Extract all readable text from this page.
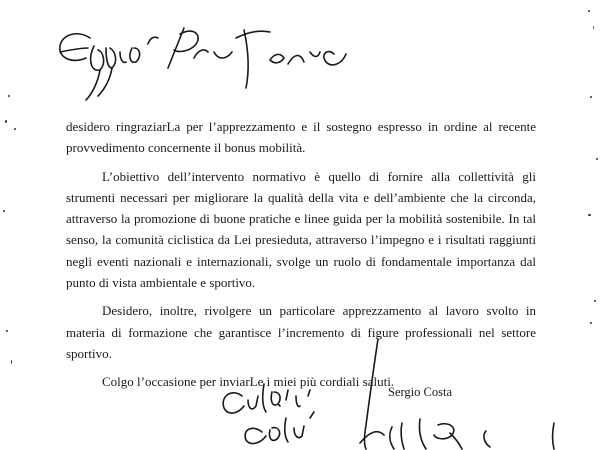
desidero ringraziarLa per l’apprezzamento e il sostegno espresso in ordine al recente provvedimento concernente il bonus mobilità.

L’obiettivo dell’intervento normativo è quello di fornire alla collettività gli strumenti necessari per migliorare la qualità della vita e dell’ambiente che la circonda, attraverso la promozione di buone pratiche e linee guida per la mobilità sostenibile. In tal senso, la comunità ciclistica da Lei presieduta, attraverso l’impegno e i risultati raggiunti negli eventi nazionali e internazionali, svolge un ruolo di fondamentale importanza dal punto di vista ambientale e sportivo.

Desidero, inoltre, rivolgere un particolare apprezzamento al lavoro svolto in materia di formazione che garantisce l’incremento di figure professionali nel settore sportivo.

Colgo l’occasione per inviarLe i miei più cordiali saluti.

Sergio Costa
